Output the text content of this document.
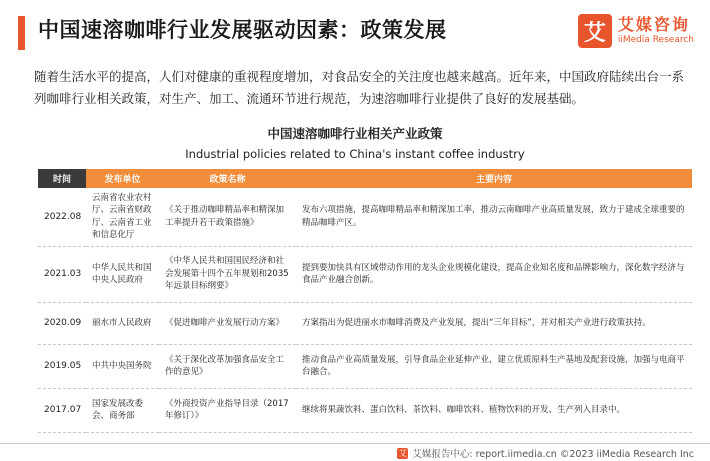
中国速溶咖啡行业发展驱动因素：政策发展	艾 艾媒咨询
iiMedia Research

随着生活水平的提高，人们对健康的重视程度增加，对食品安全的关注度也越来越高。近年来，中国政府陆续出台一系列咖啡行业相关政策，对生产、加工、流通环节进行规范，为速溶咖啡行业提供了良好的发展基础。

中国速溶咖啡行业相关产业政策
Industrial policies related to China's instant coffee industry
时间	发布单位	政策名称	主要内容
2022.08	云南省农业农村厅、云南省财政厅、云南省工业和信息化厅	《关于推动咖啡精品率和精深加工率提升若干政策措施》	发布六项措施，提高咖啡精品率和精深加工率，推动云南咖啡产业高质量发展，致力于建成全球重要的精品咖啡产区。
2021.03	中华人民共和国中央人民政府	《中华人民共和国国民经济和社会发展第十四个五年规划和2035年远景目标纲要》	提到要加快具有区域带动作用的龙头企业规模化建设，提高企业知名度和品牌影响力，深化数字经济与食品产业融合创新。
2020.09	丽水市人民政府	《促进咖啡产业发展行动方案》	方案指出为促进丽水市咖啡消费及产业发展，提出“三年目标”，并对相关产业进行政策扶持。
2019.05	中共中央国务院	《关于深化改革加强食品安全工作的意见》	推动食品产业高质量发展，引导食品企业延伸产业，建立优质原料生产基地及配套设施，加强与电商平台融合。
2017.07	国家发展改委会、商务部	《外商投资产业指导目录（2017年修订）》	继续将果蔬饮料、蛋白饮料、茶饮料、咖啡饮料、植物饮料的开发、生产列入目录中。
艾 艾媒报告中心: report.iimedia.cn ©2023 iiMedia Research Inc
